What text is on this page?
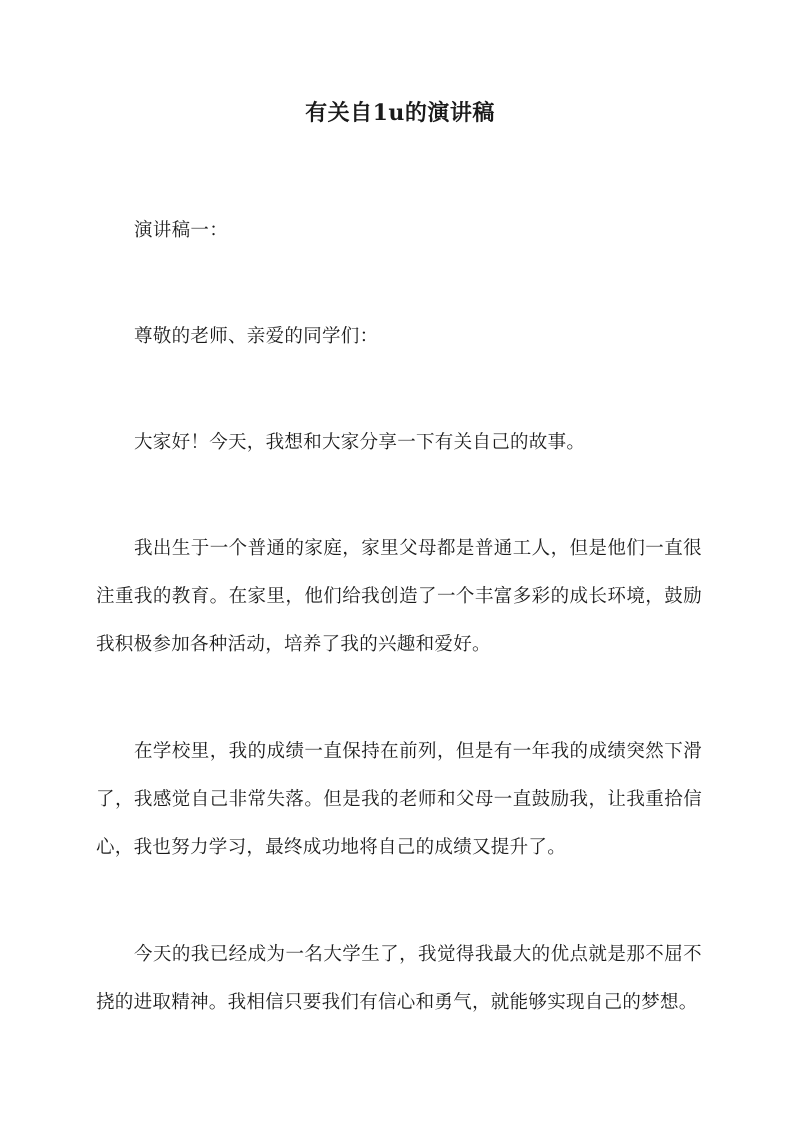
有关自1u的演讲稿

演讲稿一：

尊敬的老师、亲爱的同学们：

大家好！今天，我想和大家分享一下有关自己的故事。

我出生于一个普通的家庭，家里父母都是普通工人，但是他们一直很注重我的教育。在家里，他们给我创造了一个丰富多彩的成长环境，鼓励我积极参加各种活动，培养了我的兴趣和爱好。

在学校里，我的成绩一直保持在前列，但是有一年我的成绩突然下滑了，我感觉自己非常失落。但是我的老师和父母一直鼓励我，让我重拾信心，我也努力学习，最终成功地将自己的成绩又提升了。

今天的我已经成为一名大学生了，我觉得我最大的优点就是那不屈不挠的进取精神。我相信只要我们有信心和勇气，就能够实现自己的梦想。
